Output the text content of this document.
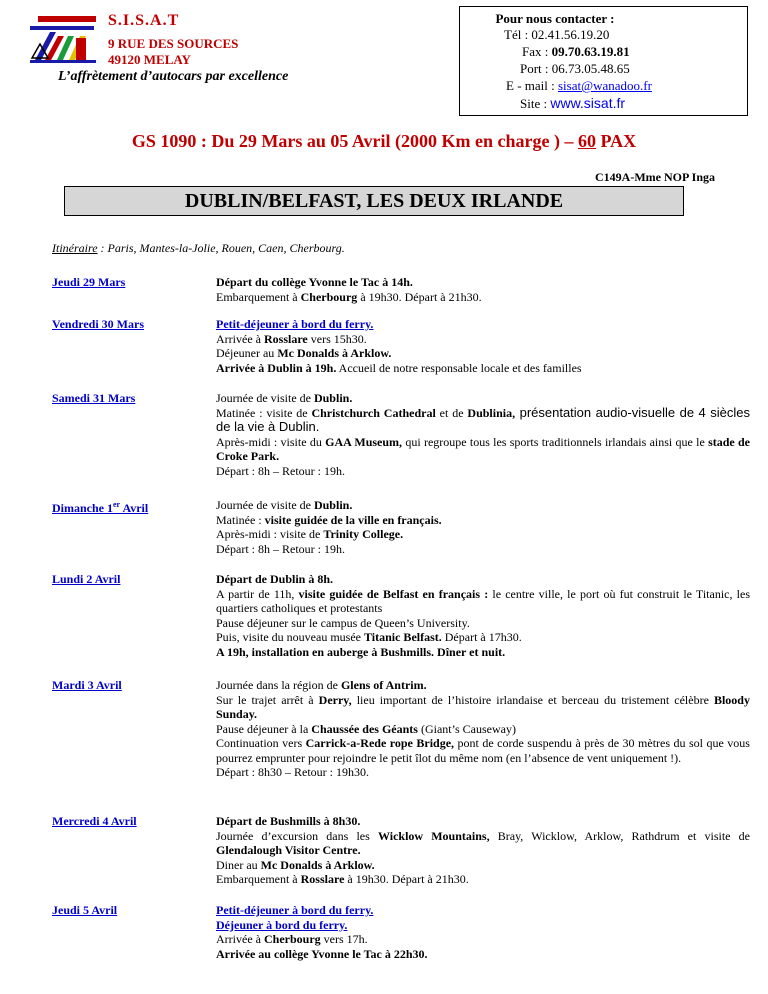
S.I.S.A.T
9 RUE DES SOURCES
49120 MELAY
L’affrètement d’autocars par excellence
Pour nous contacter :
Tél : 02.41.56.19.20
Fax : 09.70.63.19.81
Port : 06.73.05.48.65
E - mail : sisat@wanadoo.fr
Site : www.sisat.fr
GS 1090 : Du 29 Mars au 05 Avril (2000 Km en charge ) – 60 PAX
C149A-Mme NOP Inga
DUBLIN/BELFAST, LES DEUX IRLANDE
Itinéraire : Paris, Mantes-la-Jolie, Rouen, Caen, Cherbourg.
Jeudi 29 Mars	Départ du collège Yvonne le Tac à 14h.
Embarquement à Cherbourg à 19h30. Départ à 21h30.
Vendredi 30 Mars	Petit-déjeuner à bord du ferry.
Arrivée à Rosslare vers 15h30.
Déjeuner au Mc Donalds à Arklow.
Arrivée à Dublin à 19h. Accueil de notre responsable locale et des familles
Samedi 31 Mars	Journée de visite de Dublin.
Matinée : visite de Christchurch Cathedral et de Dublinia, présentation audio-visuelle de 4 siècles de la vie à Dublin.
Après-midi : visite du GAA Museum, qui regroupe tous les sports traditionnels irlandais ainsi que le stade de Croke Park.
Départ : 8h – Retour : 19h.
Dimanche 1er Avril	Journée de visite de Dublin.
Matinée : visite guidée de la ville en français.
Après-midi : visite de Trinity College.
Départ : 8h – Retour : 19h.
Lundi 2 Avril	Départ de Dublin à 8h.
A partir de 11h, visite guidée de Belfast en français : le centre ville, le port où fut construit le Titanic, les quartiers catholiques et protestants
Pause déjeuner sur le campus de Queen’s University.
Puis, visite du nouveau musée Titanic Belfast. Départ à 17h30.
A 19h, installation en auberge à Bushmills. Dîner et nuit.
Mardi 3 Avril	Journée dans la région de Glens of Antrim.
Sur le trajet arrêt à Derry, lieu important de l’histoire irlandaise et berceau du tristement célèbre Bloody Sunday.
Pause déjeuner à la Chaussée des Géants (Giant’s Causeway)
Continuation vers Carrick-a-Rede rope Bridge, pont de corde suspendu à près de 30 mètres du sol que vous pourrez emprunter pour rejoindre le petit îlot du même nom (en l’absence de vent uniquement !).
Départ : 8h30 – Retour : 19h30.
Mercredi 4 Avril	Départ de Bushmills à 8h30.
Journée d’excursion dans les Wicklow Mountains, Bray, Wicklow, Arklow, Rathdrum et visite de Glendalough Visitor Centre.
Diner au Mc Donalds à Arklow.
Embarquement à Rosslare à 19h30. Départ à 21h30.
Jeudi 5 Avril	Petit-déjeuner à bord du ferry.
Déjeuner à bord du ferry.
Arrivée à Cherbourg vers 17h.
Arrivée au collège Yvonne le Tac à 22h30.
